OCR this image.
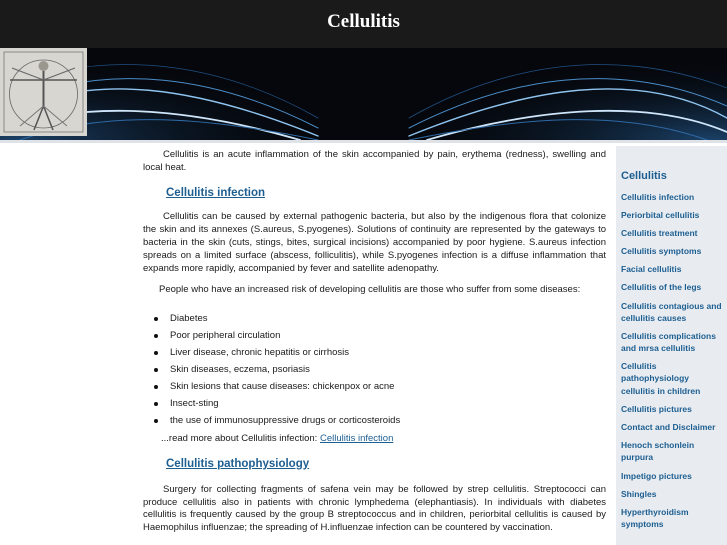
Cellulitis

Cellulitis is an acute inflammation of the skin accompanied by pain, erythema (redness), swelling and local heat.

Cellulitis infection

Cellulitis can be caused by external pathogenic bacteria, but also by the indigenous flora that colonize the skin and its annexes (S.aureus, S.pyogenes). Solutions of continuity are represented by the gateways to bacteria in the skin (cuts, stings, bites, surgical incisions) accompanied by poor hygiene. S.aureus infection spreads on a limited surface (abscess, folliculitis), while S.pyogenes infection is a diffuse inflammation that expands more rapidly, accompanied by fever and satellite adenopathy.

People who have an increased risk of developing cellulitis are those who suffer from some diseases:

Diabetes
Poor peripheral circulation
Liver disease, chronic hepatitis or cirrhosis
Skin diseases, eczema, psoriasis
Skin lesions that cause diseases: chickenpox or acne
Insect-sting
the use of immunosuppressive drugs or corticosteroids

...read more about Cellulitis infection: Cellulitis infection

Cellulitis pathophysiology

Surgery for collecting fragments of safena vein may be followed by strep cellulitis. Streptococci can produce cellulitis also in patients with chronic lymphedema (elephantiasis). In individuals with diabetes cellulitis is frequently caused by the group B streptococcus and in children, periorbital cellulitis is caused by Haemophilus influenzae; the spreading of H.influenzae infection can be countered by vaccination.

Cellulitis
Cellulitis infection
Periorbital cellulitis
Cellulitis treatment
Cellulitis symptoms
Facial cellulitis
Cellulitis of the legs
Cellulitis contagious and cellulitis causes
Cellulitis complications and mrsa cellulitis
Cellulitis pathophysiology cellulitis in children
Cellulitis pictures
Contact and Disclaimer
Henoch schonlein purpura
Impetigo pictures
Shingles
Hyperthyroidism symptoms
